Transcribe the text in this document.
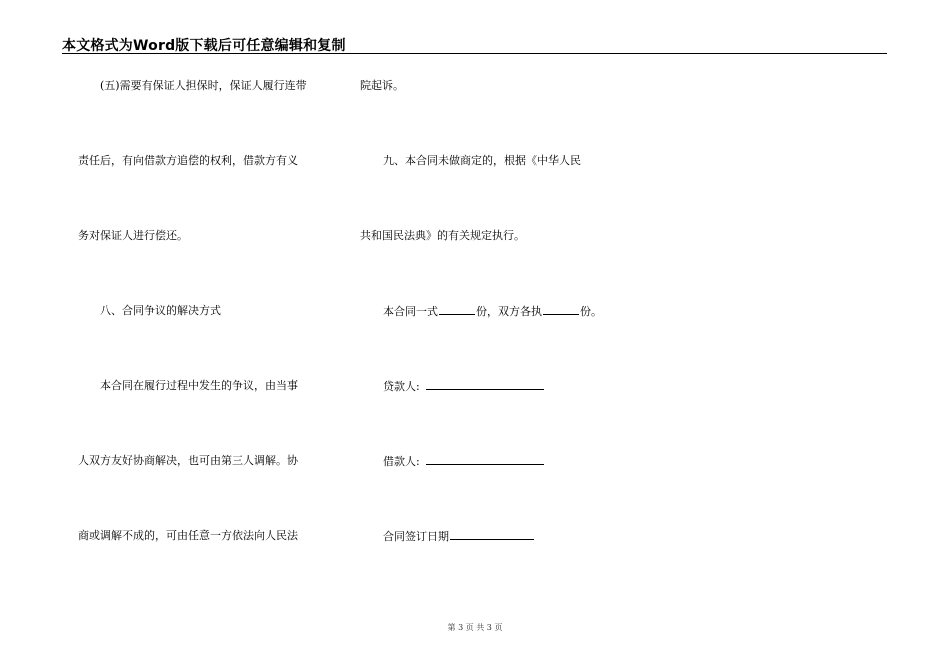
本文格式为Word版下载后可任意编辑和复制
(五)需要有保证人担保时，保证人履行连带
责任后，有向借款方追偿的权利，借款方有义
务对保证人进行偿还。
八、合同争议的解决方式
本合同在履行过程中发生的争议，由当事
人双方友好协商解决，也可由第三人调解。协
商或调解不成的，可由任意一方依法向人民法
院起诉。
九、本合同未做商定的，根据《中华人民
共和国民法典》的有关规定执行。
本合同一式	份，双方各执	份。
贷款人:
借款人:
合同签订日期
第 3 页 共 3 页
